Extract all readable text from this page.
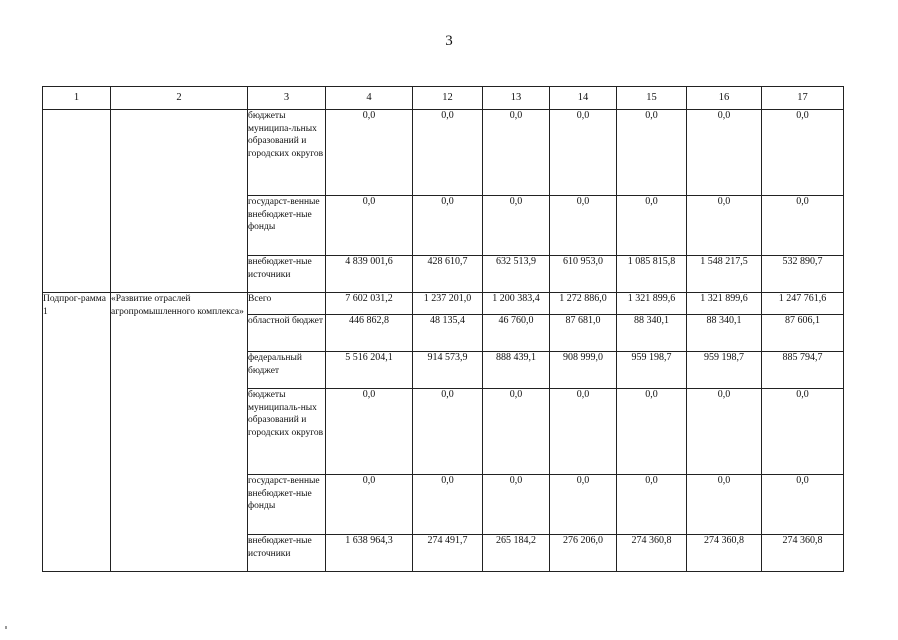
3
1	2	3	4	12	13	14	15	16	17
		бюджеты муниципа-льных образований и городских округов	0,0	0,0	0,0	0,0	0,0	0,0	0,0
		государст-венные внебюджет-ные фонды	0,0	0,0	0,0	0,0	0,0	0,0	0,0
		внебюджет-ные источники	4 839 001,6	428 610,7	632 513,9	610 953,0	1 085 815,8	1 548 217,5	532 890,7
Подпрог-рамма 1	«Развитие отраслей агропромышленного комплекса»	Всего	7 602 031,2	1 237 201,0	1 200 383,4	1 272 886,0	1 321 899,6	1 321 899,6	1 247 761,6
		областной бюджет	446 862,8	48 135,4	46 760,0	87 681,0	88 340,1	88 340,1	87 606,1
		федеральный бюджет	5 516 204,1	914 573,9	888 439,1	908 999,0	959 198,7	959 198,7	885 794,7
		бюджеты муниципаль-ных образований и городских округов	0,0	0,0	0,0	0,0	0,0	0,0	0,0
		государст-венные внебюджет-ные фонды	0,0	0,0	0,0	0,0	0,0	0,0	0,0
		внебюджет-ные источники	1 638 964,3	274 491,7	265 184,2	276 206,0	274 360,8	274 360,8	274 360,8
